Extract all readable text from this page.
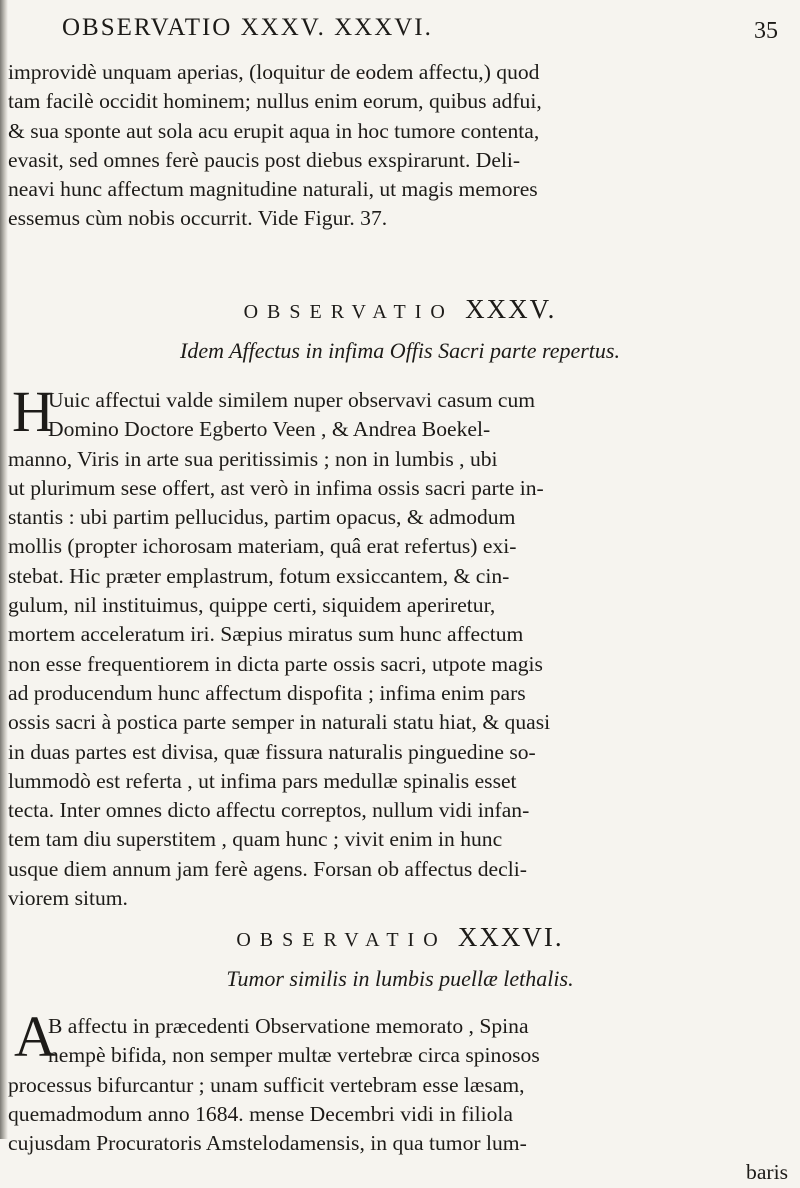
OBSERVATIO XXXV. XXXVI.	35
improvidè unquam aperias, (loquitur de eodem affectu,) quod
tam facilè occidit hominem; nullus enim eorum, quibus adfui,
& sua sponte aut sola acu erupit aqua in hoc tumore contenta,
evasit, sed omnes ferè paucis post diebus exspirarunt. Deli-
neavi hunc affectum magnitudine naturali, ut magis memores
essemus cùm nobis occurrit. Vide Figur. 37.
OBSERVATIO XXXV.
Idem Affectus in infima Offis Sacri parte repertus.
H
Uuic affectui valde similem nuper observavi casum cum
Domino Doctore Egberto Veen , & Andrea Boekel-
manno, Viris in arte sua peritissimis ; non in lumbis , ubi
ut plurimum sese offert, ast verò in infima ossis sacri parte in-
stantis : ubi partim pellucidus, partim opacus, & admodum
mollis (propter ichorosam materiam, quâ erat refertus) exi-
stebat. Hic præter emplastrum, fotum exsiccantem, & cin-
gulum, nil instituimus, quippe certi, siquidem aperiretur,
mortem acceleratum iri. Sæpius miratus sum hunc affectum
non esse frequentiorem in dicta parte ossis sacri, utpote magis
ad producendum hunc affectum dispofita ; infima enim pars
ossis sacri à postica parte semper in naturali statu hiat, & quasi
in duas partes est divisa, quæ fissura naturalis pinguedine so-
lummodò est referta , ut infima pars medullæ spinalis esset
tecta. Inter omnes dicto affectu correptos, nullum vidi infan-
tem tam diu superstitem , quam hunc ; vivit enim in hunc
usque diem annum jam ferè agens. Forsan ob affectus decli-
viorem situm.
OBSERVATIO XXXVI.
Tumor similis in lumbis puellæ lethalis.
A
B affectu in præcedenti Observatione memorato , Spina
nempè bifida, non semper multæ vertebræ circa spinosos
processus bifurcantur ; unam sufficit vertebram esse læsam,
quemadmodum anno 1684. mense Decembri vidi in filiola
cujusdam Procuratoris Amstelodamensis, in qua tumor lum-
baris
